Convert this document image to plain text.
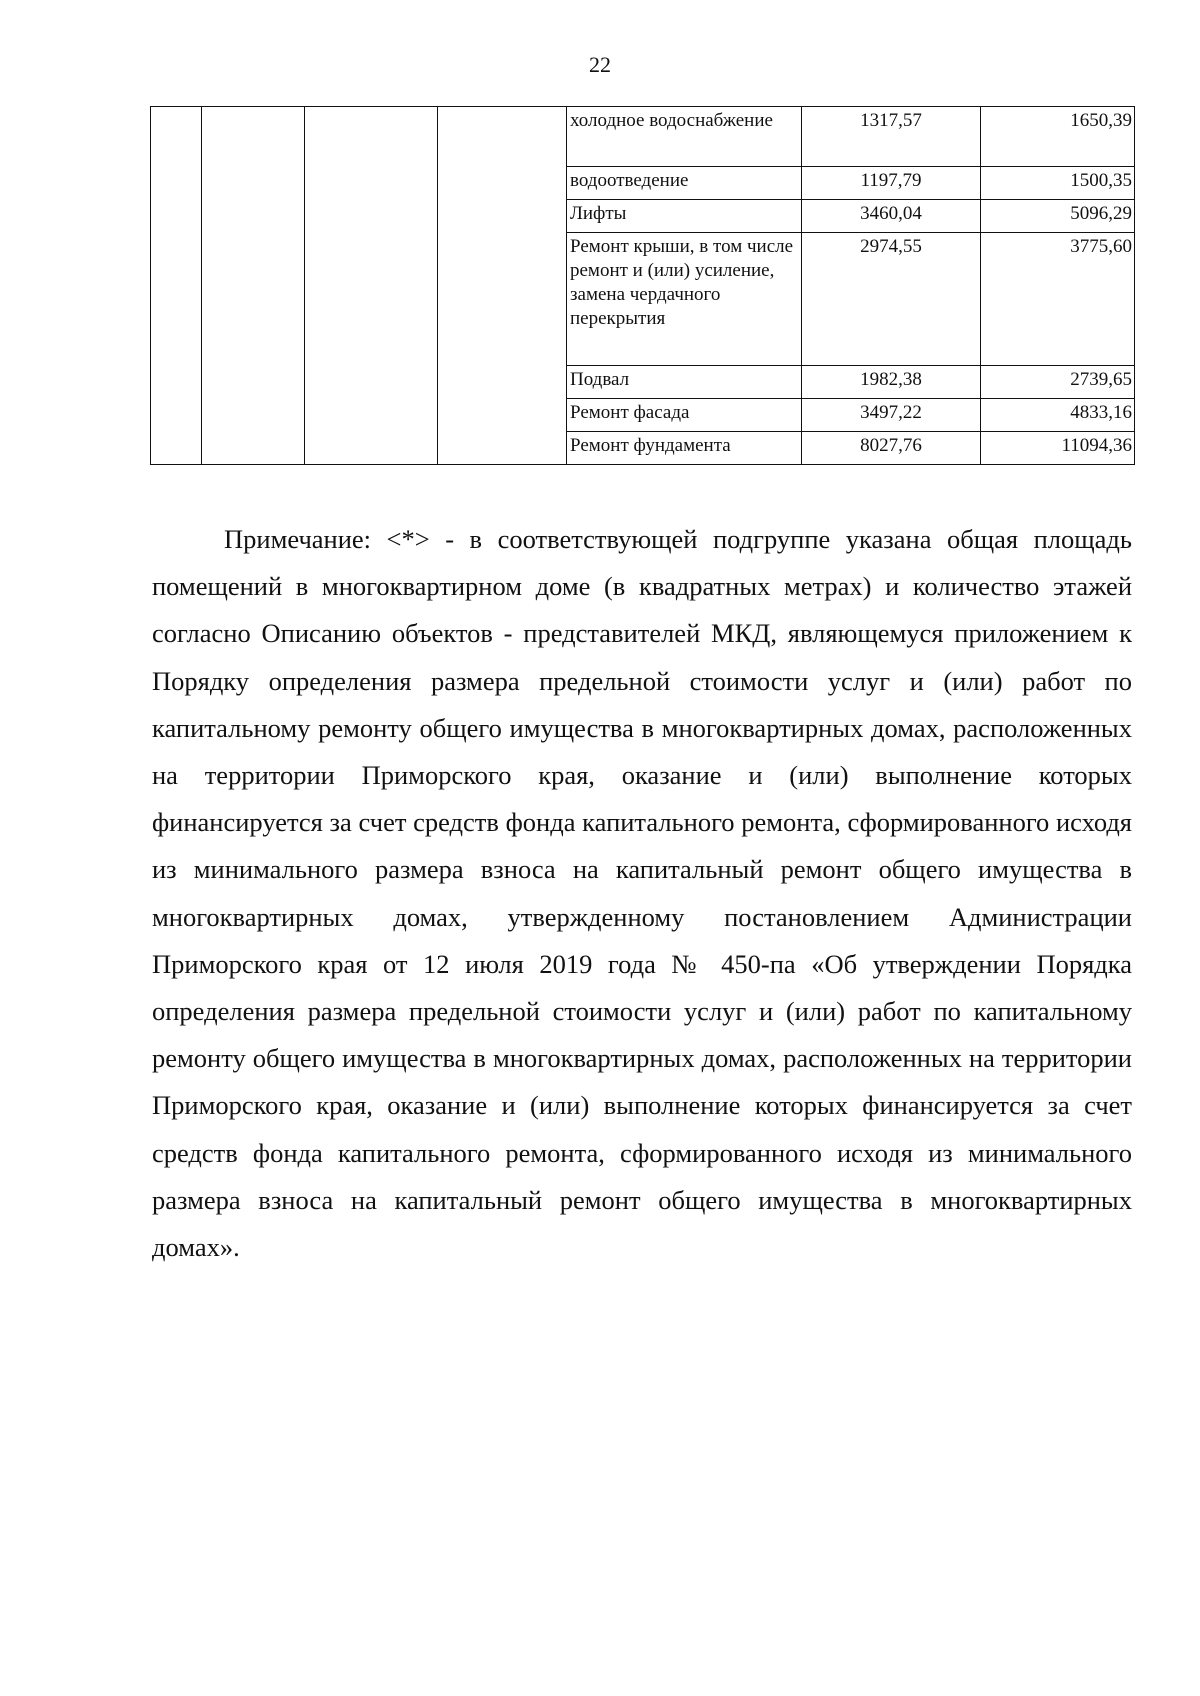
22
				холодное водоснабжение	1317,57	1650,39
				водоотведение	1197,79	1500,35
				Лифты	3460,04	5096,29
				Ремонт крыши, в том числе ремонт и (или) усиление, замена чердачного перекрытия	2974,55	3775,60
				Подвал	1982,38	2739,65
				Ремонт фасада	3497,22	4833,16
				Ремонт фундамента	8027,76	11094,36

Примечание: <*> - в соответствующей подгруппе указана общая площадь помещений в многоквартирном доме (в квадратных метрах) и количество этажей согласно Описанию объектов - представителей МКД, являющемуся приложением к Порядку определения размера предельной стоимости услуг и (или) работ по капитальному ремонту общего имущества в многоквартирных домах, расположенных на территории Приморского края, оказание и (или) выполнение которых финансируется за счет средств фонда капитального ремонта, сформированного исходя из минимального размера взноса на капитальный ремонт общего имущества в многоквартирных домах, утвержденному постановлением Администрации Приморского края от 12 июля 2019 года № 450-па «Об утверждении Порядка определения размера предельной стоимости услуг и (или) работ по капитальному ремонту общего имущества в многоквартирных домах, расположенных на территории Приморского края, оказание и (или) выполнение которых финансируется за счет средств фонда капитального ремонта, сформированного исходя из минимального размера взноса на капитальный ремонт общего имущества в многоквартирных домах».
